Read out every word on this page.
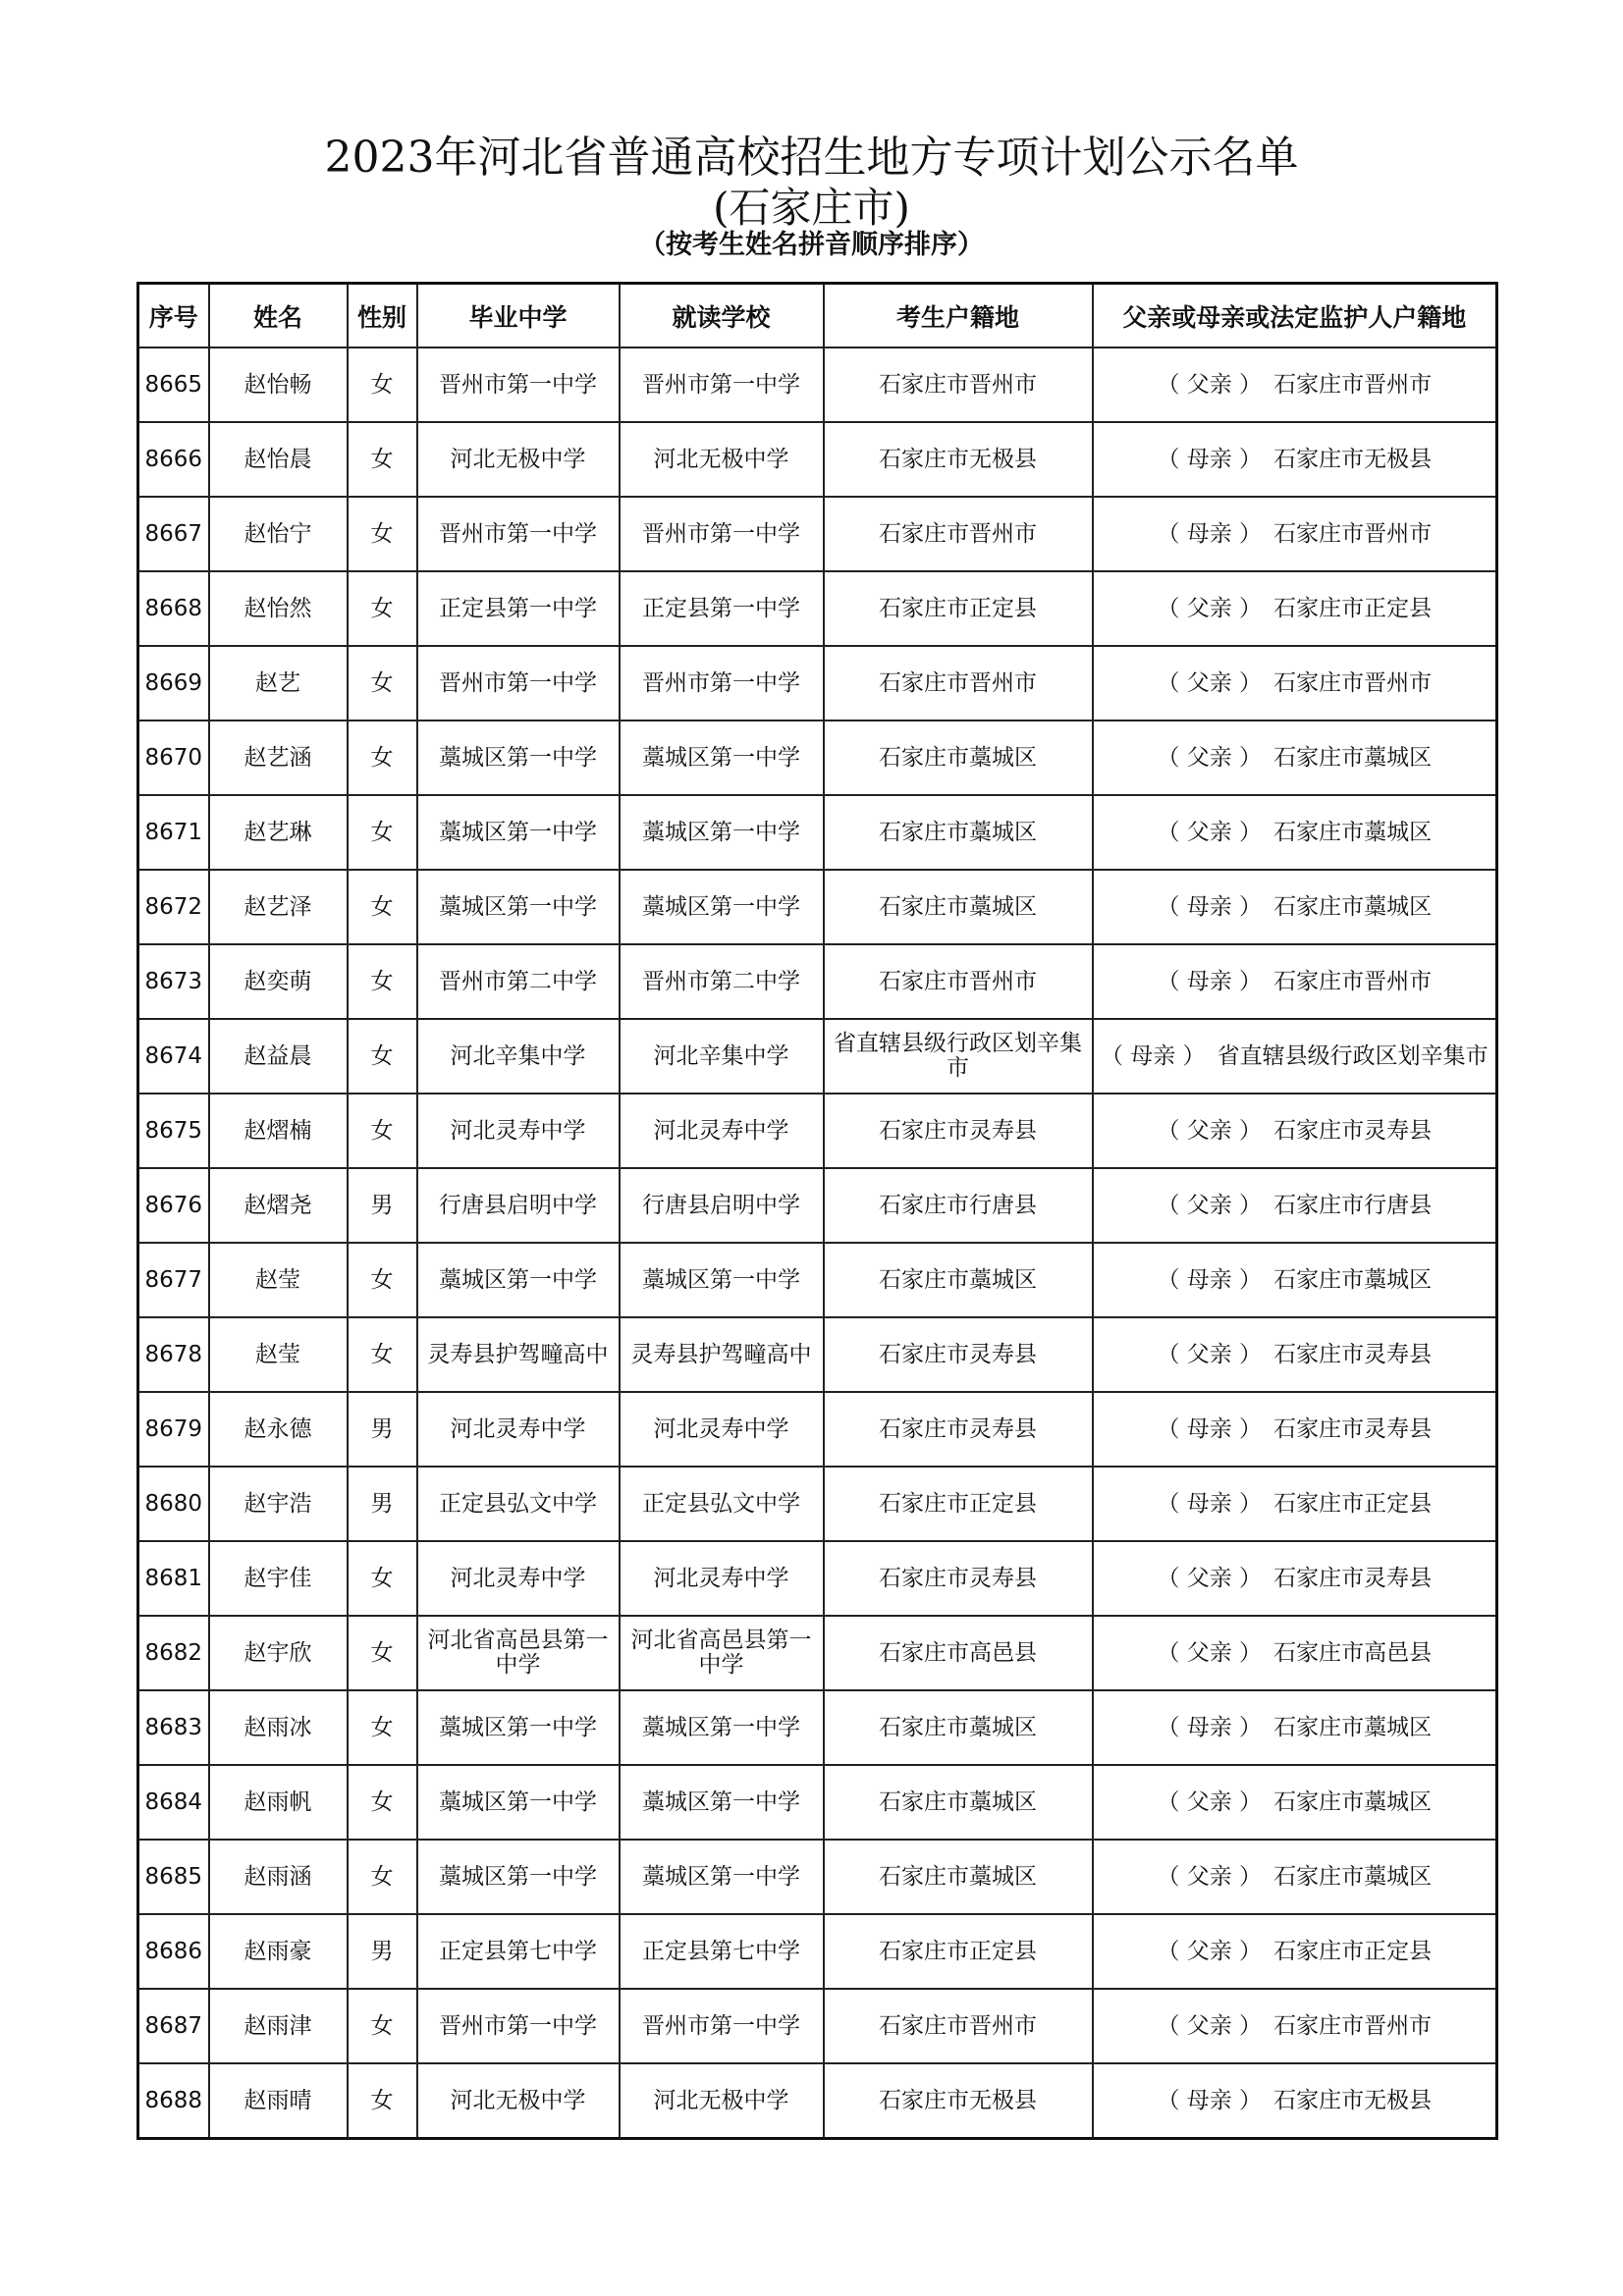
2023年河北省普通高校招生地方专项计划公示名单
(石家庄市)
（按考生姓名拼音顺序排序）
序号	姓名	性别	毕业中学	就读学校	考生户籍地	父亲或母亲或法定监护人户籍地
8665	赵怡畅	女	晋州市第一中学	晋州市第一中学	石家庄市晋州市	（ 父亲 ） 石家庄市晋州市
8666	赵怡晨	女	河北无极中学	河北无极中学	石家庄市无极县	（ 母亲 ） 石家庄市无极县
8667	赵怡宁	女	晋州市第一中学	晋州市第一中学	石家庄市晋州市	（ 母亲 ） 石家庄市晋州市
8668	赵怡然	女	正定县第一中学	正定县第一中学	石家庄市正定县	（ 父亲 ） 石家庄市正定县
8669	赵艺	女	晋州市第一中学	晋州市第一中学	石家庄市晋州市	（ 父亲 ） 石家庄市晋州市
8670	赵艺涵	女	藁城区第一中学	藁城区第一中学	石家庄市藁城区	（ 父亲 ） 石家庄市藁城区
8671	赵艺琳	女	藁城区第一中学	藁城区第一中学	石家庄市藁城区	（ 父亲 ） 石家庄市藁城区
8672	赵艺泽	女	藁城区第一中学	藁城区第一中学	石家庄市藁城区	（ 母亲 ） 石家庄市藁城区
8673	赵奕萌	女	晋州市第二中学	晋州市第二中学	石家庄市晋州市	（ 母亲 ） 石家庄市晋州市
8674	赵益晨	女	河北辛集中学	河北辛集中学	省直辖县级行政区划辛集市	（ 母亲 ） 省直辖县级行政区划辛集市
8675	赵熠楠	女	河北灵寿中学	河北灵寿中学	石家庄市灵寿县	（ 父亲 ） 石家庄市灵寿县
8676	赵熠尧	男	行唐县启明中学	行唐县启明中学	石家庄市行唐县	（ 父亲 ） 石家庄市行唐县
8677	赵莹	女	藁城区第一中学	藁城区第一中学	石家庄市藁城区	（ 母亲 ） 石家庄市藁城区
8678	赵莹	女	灵寿县护驾疃高中	灵寿县护驾疃高中	石家庄市灵寿县	（ 父亲 ） 石家庄市灵寿县
8679	赵永德	男	河北灵寿中学	河北灵寿中学	石家庄市灵寿县	（ 母亲 ） 石家庄市灵寿县
8680	赵宇浩	男	正定县弘文中学	正定县弘文中学	石家庄市正定县	（ 母亲 ） 石家庄市正定县
8681	赵宇佳	女	河北灵寿中学	河北灵寿中学	石家庄市灵寿县	（ 父亲 ） 石家庄市灵寿县
8682	赵宇欣	女	河北省高邑县第一中学	河北省高邑县第一中学	石家庄市高邑县	（ 父亲 ） 石家庄市高邑县
8683	赵雨冰	女	藁城区第一中学	藁城区第一中学	石家庄市藁城区	（ 母亲 ） 石家庄市藁城区
8684	赵雨帆	女	藁城区第一中学	藁城区第一中学	石家庄市藁城区	（ 父亲 ） 石家庄市藁城区
8685	赵雨涵	女	藁城区第一中学	藁城区第一中学	石家庄市藁城区	（ 父亲 ） 石家庄市藁城区
8686	赵雨豪	男	正定县第七中学	正定县第七中学	石家庄市正定县	（ 父亲 ） 石家庄市正定县
8687	赵雨津	女	晋州市第一中学	晋州市第一中学	石家庄市晋州市	（ 父亲 ） 石家庄市晋州市
8688	赵雨晴	女	河北无极中学	河北无极中学	石家庄市无极县	（ 母亲 ） 石家庄市无极县
